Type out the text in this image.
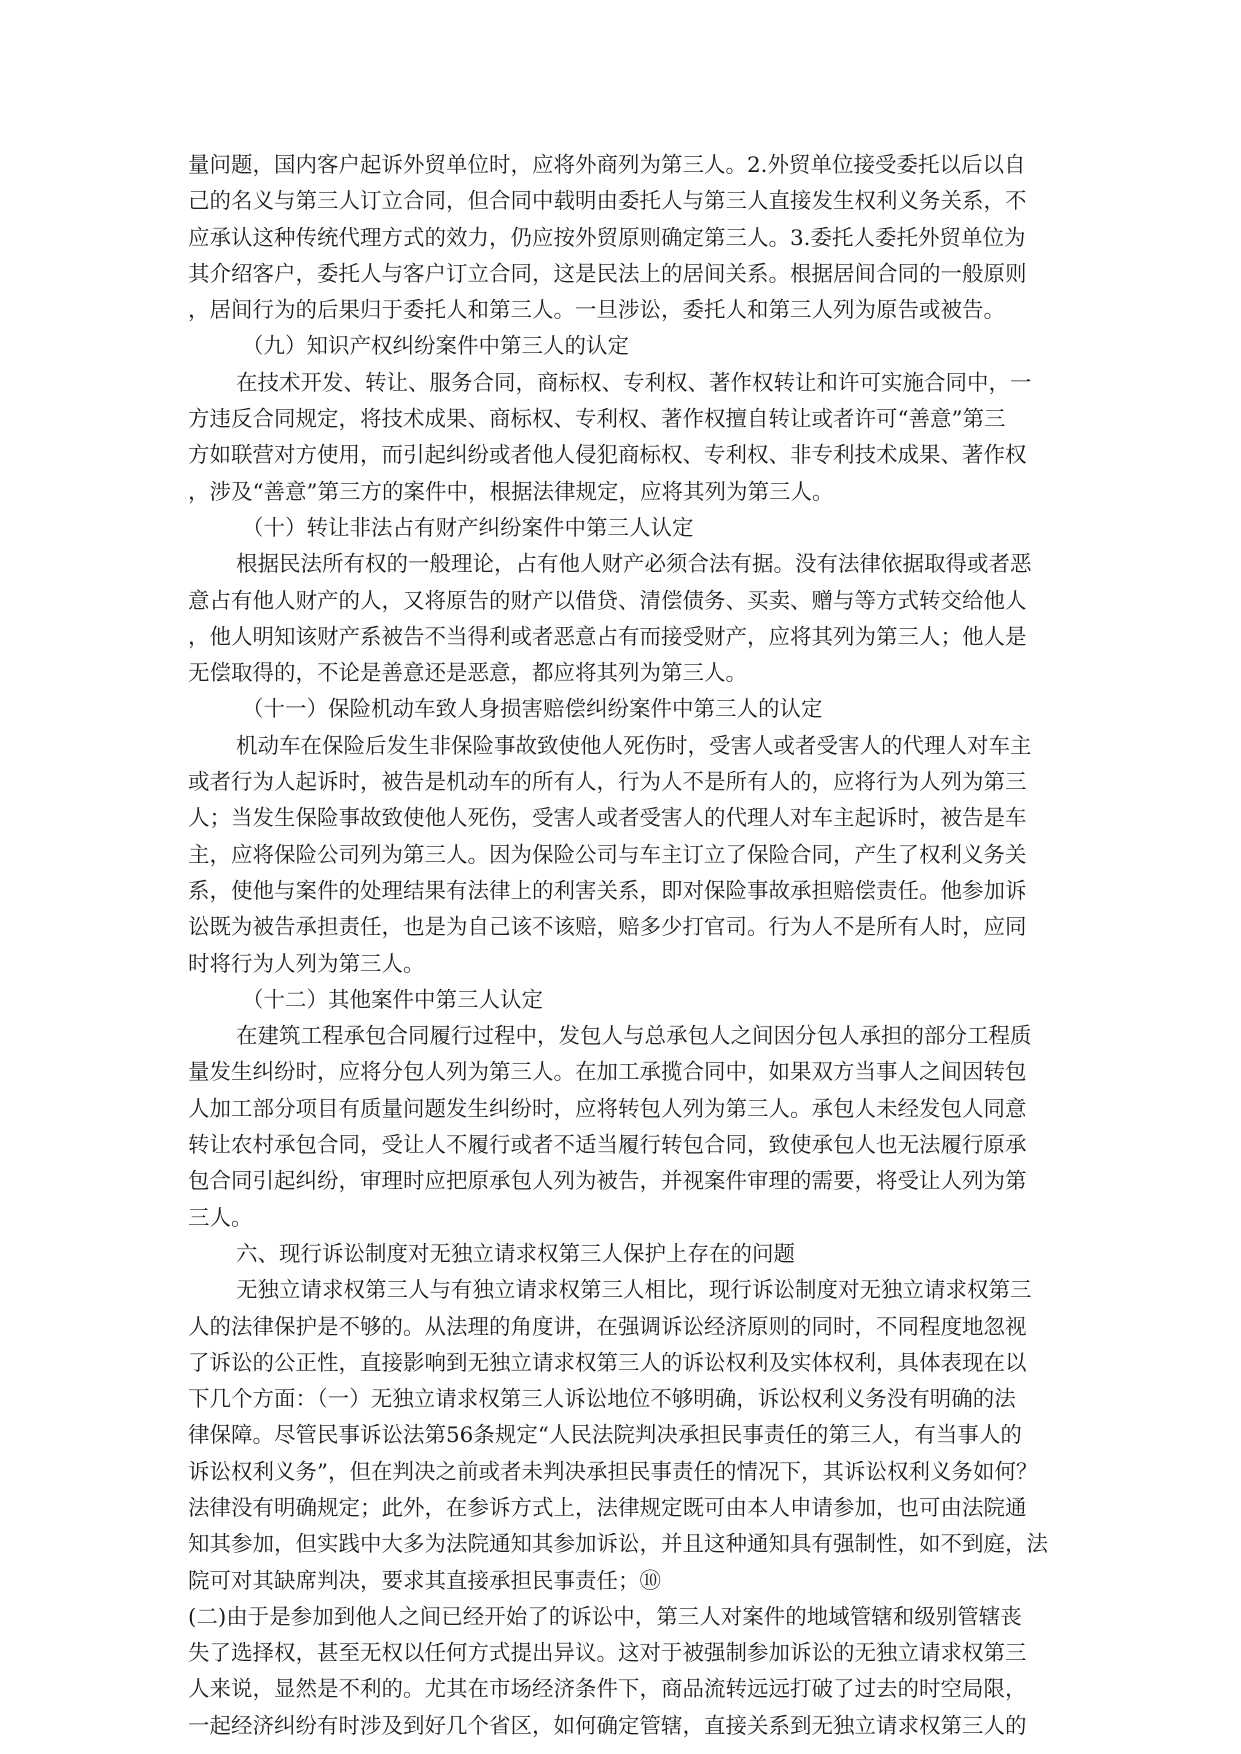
量问题，国内客户起诉外贸单位时，应将外商列为第三人。2.外贸单位接受委托以后以自
己的名义与第三人订立合同，但合同中载明由委托人与第三人直接发生权利义务关系，不
应承认这种传统代理方式的效力，仍应按外贸原则确定第三人。3.委托人委托外贸单位为
其介绍客户，委托人与客户订立合同，这是民法上的居间关系。根据居间合同的一般原则
，居间行为的后果归于委托人和第三人。一旦涉讼，委托人和第三人列为原告或被告。
（九）知识产权纠纷案件中第三人的认定
在技术开发、转让、服务合同，商标权、专利权、著作权转让和许可实施合同中，一
方违反合同规定，将技术成果、商标权、专利权、著作权擅自转让或者许可“善意”第三
方如联营对方使用，而引起纠纷或者他人侵犯商标权、专利权、非专利技术成果、著作权
，涉及“善意”第三方的案件中，根据法律规定，应将其列为第三人。
（十）转让非法占有财产纠纷案件中第三人认定
根据民法所有权的一般理论，占有他人财产必须合法有据。没有法律依据取得或者恶
意占有他人财产的人，又将原告的财产以借贷、清偿债务、买卖、赠与等方式转交给他人
，他人明知该财产系被告不当得利或者恶意占有而接受财产，应将其列为第三人；他人是
无偿取得的，不论是善意还是恶意，都应将其列为第三人。
（十一）保险机动车致人身损害赔偿纠纷案件中第三人的认定
机动车在保险后发生非保险事故致使他人死伤时，受害人或者受害人的代理人对车主
或者行为人起诉时，被告是机动车的所有人，行为人不是所有人的，应将行为人列为第三
人；当发生保险事故致使他人死伤，受害人或者受害人的代理人对车主起诉时，被告是车
主，应将保险公司列为第三人。因为保险公司与车主订立了保险合同，产生了权利义务关
系，使他与案件的处理结果有法律上的利害关系，即对保险事故承担赔偿责任。他参加诉
讼既为被告承担责任，也是为自己该不该赔，赔多少打官司。行为人不是所有人时，应同
时将行为人列为第三人。
（十二）其他案件中第三人认定
在建筑工程承包合同履行过程中，发包人与总承包人之间因分包人承担的部分工程质
量发生纠纷时，应将分包人列为第三人。在加工承揽合同中，如果双方当事人之间因转包
人加工部分项目有质量问题发生纠纷时，应将转包人列为第三人。承包人未经发包人同意
转让农村承包合同，受让人不履行或者不适当履行转包合同，致使承包人也无法履行原承
包合同引起纠纷，审理时应把原承包人列为被告，并视案件审理的需要，将受让人列为第
三人。
六、现行诉讼制度对无独立请求权第三人保护上存在的问题
无独立请求权第三人与有独立请求权第三人相比，现行诉讼制度对无独立请求权第三
人的法律保护是不够的。从法理的角度讲，在强调诉讼经济原则的同时，不同程度地忽视
了诉讼的公正性，直接影响到无独立请求权第三人的诉讼权利及实体权利，具体表现在以
下几个方面：（一）无独立请求权第三人诉讼地位不够明确，诉讼权利义务没有明确的法
律保障。尽管民事诉讼法第56条规定“人民法院判决承担民事责任的第三人，有当事人的
诉讼权利义务”，但在判决之前或者未判决承担民事责任的情况下，其诉讼权利义务如何？
法律没有明确规定；此外，在参诉方式上，法律规定既可由本人申请参加，也可由法院通
知其参加，但实践中大多为法院通知其参加诉讼，并且这种通知具有强制性，如不到庭，法
院可对其缺席判决，要求其直接承担民事责任；⑩
(二)由于是参加到他人之间已经开始了的诉讼中，第三人对案件的地域管辖和级别管辖丧
失了选择权，甚至无权以任何方式提出异议。这对于被强制参加诉讼的无独立请求权第三
人来说，显然是不利的。尤其在市场经济条件下，商品流转远远打破了过去的时空局限，
一起经济纠纷有时涉及到好几个省区，如何确定管辖，直接关系到无独立请求权第三人的
